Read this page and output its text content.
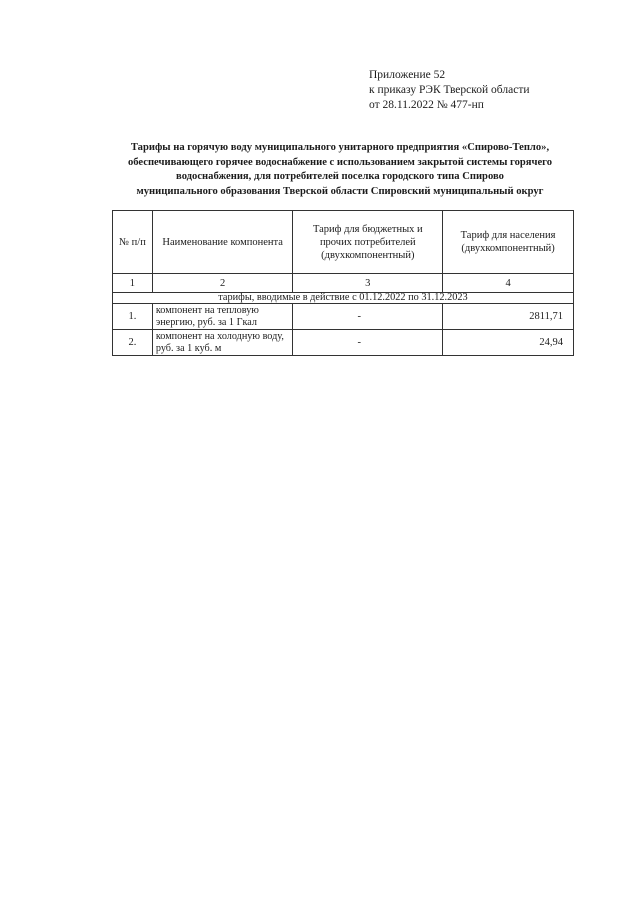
Приложение 52
к приказу РЭК Тверской области
от 28.11.2022 № 477-нп
Тарифы на горячую воду муниципального унитарного предприятия «Спирово-Тепло»,
обеспечивающего горячее водоснабжение с использованием закрытой системы горячего
водоснабжения, для потребителей поселка городского типа Спирово
муниципального образования Тверской области Спировский муниципальный округ
№ п/п	Наименование компонента	Тариф для бюджетных и прочих потребителей (двухкомпонентный)	Тариф для населения (двухкомпонентный)
1	2	3	4
тарифы, вводимые в действие с 01.12.2022 по 31.12.2023			
1.	компонент на тепловую энергию, руб. за 1 Гкал	-	2811,71
2.	компонент на холодную воду, руб. за 1 куб. м	-	24,94
